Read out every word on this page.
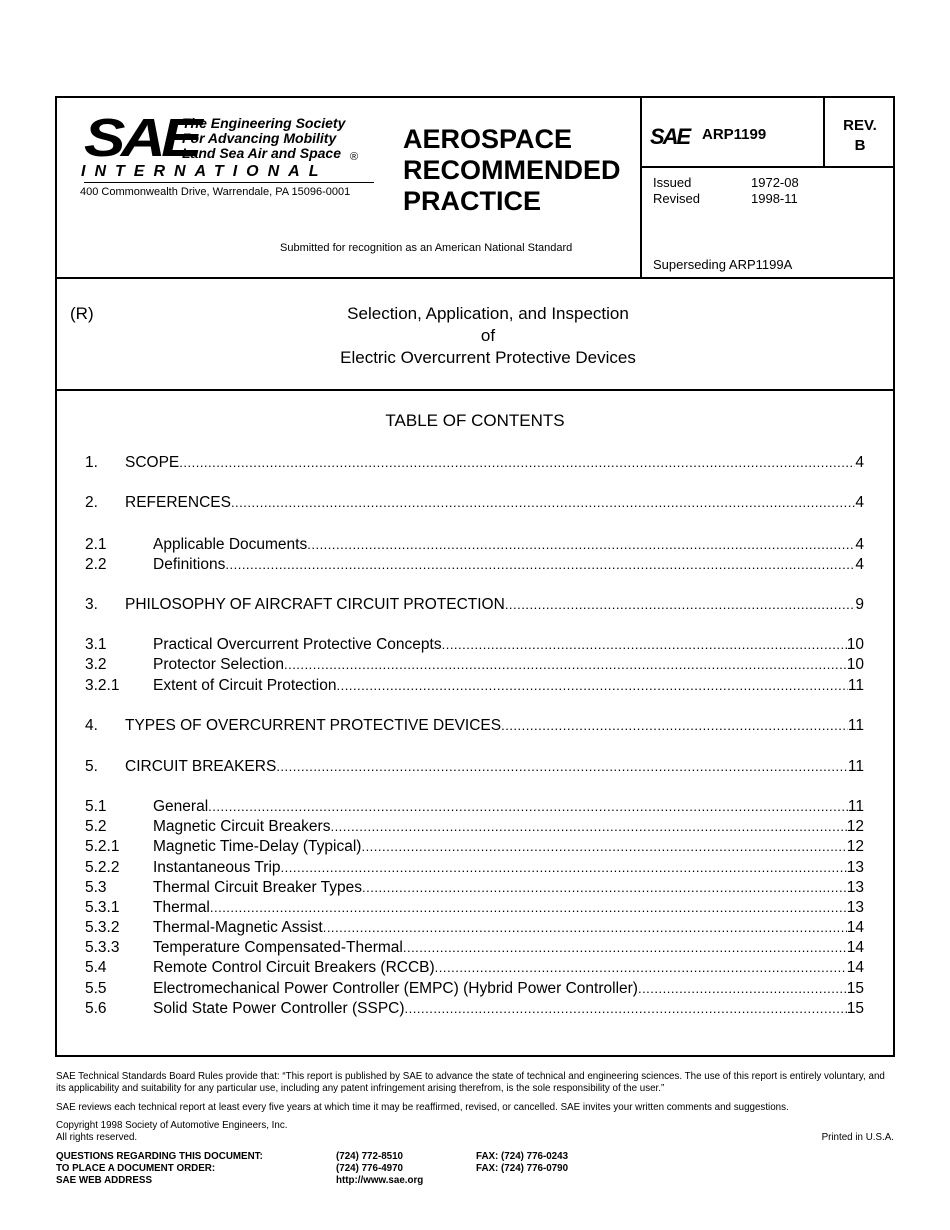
SAE
The Engineering Society
For Advancing Mobility
Land Sea Air and Space ®
INTERNATIONAL
400 Commonwealth Drive, Warrendale, PA 15096-0001
AEROSPACE
RECOMMENDED
PRACTICE
Submitted for recognition as an American National Standard
SAE ARP1199
REV.
B
Issued	1972-08
Revised	1998-11
Superseding ARP1199A
(R)	Selection, Application, and Inspection
of
Electric Overcurrent Protective Devices
TABLE OF CONTENTS
1. SCOPE .....	4
2. REFERENCES .....	4
2.1	Applicable Documents .....	4
2.2	Definitions .....	4
3. PHILOSOPHY OF AIRCRAFT CIRCUIT PROTECTION .....	9
3.1	Practical Overcurrent Protective Concepts .....	10
3.2	Protector Selection .....	10
3.2.1 Extent of Circuit Protection .....	11
4. TYPES OF OVERCURRENT PROTECTIVE DEVICES .....	11
5. CIRCUIT BREAKERS .....	11
5.1	General .....	11
5.2	Magnetic Circuit Breakers .....	12
5.2.1 Magnetic Time-Delay (Typical) .....	12
5.2.2 Instantaneous Trip .....	13
5.3	Thermal Circuit Breaker Types .....	13
5.3.1 Thermal .....	13
5.3.2 Thermal-Magnetic Assist .....	14
5.3.3 Temperature Compensated-Thermal .....	14
5.4	Remote Control Circuit Breakers (RCCB) .....	14
5.5	Electromechanical Power Controller (EMPC) (Hybrid Power Controller) .....	15
5.6	Solid State Power Controller (SSPC) .....	15
SAE Technical Standards Board Rules provide that: “This report is published by SAE to advance the state of technical and engineering sciences. The use of this report is entirely voluntary, and its applicability and suitability for any particular use, including any patent infringement arising therefrom, is the sole responsibility of the user.”
SAE reviews each technical report at least every five years at which time it may be reaffirmed, revised, or cancelled. SAE invites your written comments and suggestions.
Copyright 1998 Society of Automotive Engineers, Inc.
All rights reserved.	Printed in U.S.A.
QUESTIONS REGARDING THIS DOCUMENT:	(724) 772-8510	FAX: (724) 776-0243
TO PLACE A DOCUMENT ORDER:	(724) 776-4970	FAX: (724) 776-0790
SAE WEB ADDRESS	http://www.sae.org
